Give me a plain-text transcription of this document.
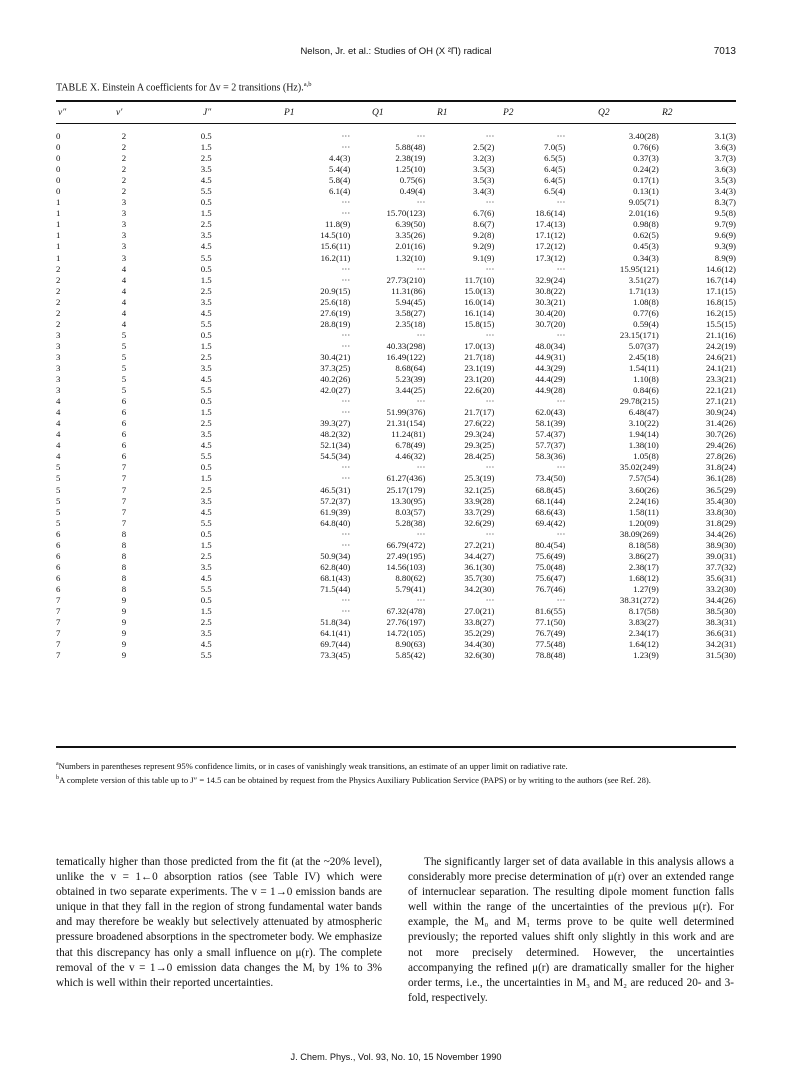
Nelson, Jr. et al.: Studies of OH (X ²Π) radical	7013
TABLE X. Einstein A coefficients for Δv = 2 transitions (Hz).$^{a,b}$
v″	v′	J″	P1	Q1	R1	P2	Q2	R2
0	2	0.5	···	···	···	···	3.40(28)	3.1(3)
0	2	1.5	···	5.88(48)	2.5(2)	7.0(5)	0.76(6)	3.6(3)
0	2	2.5	4.4(3)	2.38(19)	3.2(3)	6.5(5)	0.37(3)	3.7(3)
0	2	3.5	5.4(4)	1.25(10)	3.5(3)	6.4(5)	0.24(2)	3.6(3)
0	2	4.5	5.8(4)	0.75(6)	3.5(3)	6.4(5)	0.17(1)	3.5(3)
0	2	5.5	6.1(4)	0.49(4)	3.4(3)	6.5(4)	0.13(1)	3.4(3)
1	3	0.5	···	···	···	···	9.05(71)	8.3(7)
1	3	1.5	···	15.70(123)	6.7(6)	18.6(14)	2.01(16)	9.5(8)
1	3	2.5	11.8(9)	6.39(50)	8.6(7)	17.4(13)	0.98(8)	9.7(9)
1	3	3.5	14.5(10)	3.35(26)	9.2(8)	17.1(12)	0.62(5)	9.6(9)
1	3	4.5	15.6(11)	2.01(16)	9.2(9)	17.2(12)	0.45(3)	9.3(9)
1	3	5.5	16.2(11)	1.32(10)	9.1(9)	17.3(12)	0.34(3)	8.9(9)
2	4	0.5	···	···	···	···	15.95(121)	14.6(12)
2	4	1.5	···	27.73(210)	11.7(10)	32.9(24)	3.51(27)	16.7(14)
2	4	2.5	20.9(15)	11.31(86)	15.0(13)	30.8(22)	1.71(13)	17.1(15)
2	4	3.5	25.6(18)	5.94(45)	16.0(14)	30.3(21)	1.08(8)	16.8(15)
2	4	4.5	27.6(19)	3.58(27)	16.1(14)	30.4(20)	0.77(6)	16.2(15)
2	4	5.5	28.8(19)	2.35(18)	15.8(15)	30.7(20)	0.59(4)	15.5(15)
3	5	0.5	···	···	···	···	23.15(171)	21.1(16)
3	5	1.5	···	40.33(298)	17.0(13)	48.0(34)	5.07(37)	24.2(19)
3	5	2.5	30.4(21)	16.49(122)	21.7(18)	44.9(31)	2.45(18)	24.6(21)
3	5	3.5	37.3(25)	8.68(64)	23.1(19)	44.3(29)	1.54(11)	24.1(21)
3	5	4.5	40.2(26)	5.23(39)	23.1(20)	44.4(29)	1.10(8)	23.3(21)
3	5	5.5	42.0(27)	3.44(25)	22.6(20)	44.9(28)	0.84(6)	22.1(21)
4	6	0.5	···	···	···	···	29.78(215)	27.1(21)
4	6	1.5	···	51.99(376)	21.7(17)	62.0(43)	6.48(47)	30.9(24)
4	6	2.5	39.3(27)	21.31(154)	27.6(22)	58.1(39)	3.10(22)	31.4(26)
4	6	3.5	48.2(32)	11.24(81)	29.3(24)	57.4(37)	1.94(14)	30.7(26)
4	6	4.5	52.1(34)	6.78(49)	29.3(25)	57.7(37)	1.38(10)	29.4(26)
4	6	5.5	54.5(34)	4.46(32)	28.4(25)	58.3(36)	1.05(8)	27.8(26)
5	7	0.5	···	···	···	···	35.02(249)	31.8(24)
5	7	1.5	···	61.27(436)	25.3(19)	73.4(50)	7.57(54)	36.1(28)
5	7	2.5	46.5(31)	25.17(179)	32.1(25)	68.8(45)	3.60(26)	36.5(29)
5	7	3.5	57.2(37)	13.30(95)	33.9(28)	68.1(44)	2.24(16)	35.4(30)
5	7	4.5	61.9(39)	8.03(57)	33.7(29)	68.6(43)	1.58(11)	33.8(30)
5	7	5.5	64.8(40)	5.28(38)	32.6(29)	69.4(42)	1.20(09)	31.8(29)
6	8	0.5	···	···	···	···	38.09(269)	34.4(26)
6	8	1.5	···	66.79(472)	27.2(21)	80.4(54)	8.18(58)	38.9(30)
6	8	2.5	50.9(34)	27.49(195)	34.4(27)	75.6(49)	3.86(27)	39.0(31)
6	8	3.5	62.8(40)	14.56(103)	36.1(30)	75.0(48)	2.38(17)	37.7(32)
6	8	4.5	68.1(43)	8.80(62)	35.7(30)	75.6(47)	1.68(12)	35.6(31)
6	8	5.5	71.5(44)	5.79(41)	34.2(30)	76.7(46)	1.27(9)	33.2(30)
7	9	0.5	···	···	···	···	38.31(272)	34.4(26)
7	9	1.5	···	67.32(478)	27.0(21)	81.6(55)	8.17(58)	38.5(30)
7	9	2.5	51.8(34)	27.76(197)	33.8(27)	77.1(50)	3.83(27)	38.3(31)
7	9	3.5	64.1(41)	14.72(105)	35.2(29)	76.7(49)	2.34(17)	36.6(31)
7	9	4.5	69.7(44)	8.90(63)	34.4(30)	77.5(48)	1.64(12)	34.2(31)
7	9	5.5	73.3(45)	5.85(42)	32.6(30)	78.8(48)	1.23(9)	31.5(30)

$^a$Numbers in parentheses represent 95% confidence limits, or in cases of vanishingly weak transitions, an estimate of an upper limit on radiative rate.

$^b$A complete version of this table up to J″ = 14.5 can be obtained by request from the Physics Auxiliary Publication Service (PAPS) or by writing to the authors (see Ref. 28).

tematically higher than those predicted from the fit (at the ~20% level), unlike the v = 1←0 absorption ratios (see Table IV) which were obtained in two separate experiments. The v = 1→0 emission bands are unique in that they fall in the region of strong fundamental water bands and may therefore be weakly but selectively attenuated by atmospheric pressure broadened absorptions in the spectrometer body. We emphasize that this discrepancy has only a small influence on μ(r). The complete removal of the v = 1→0 emission data changes the Mᵢ by 1% to 3% which is well within their reported uncertainties.

The significantly larger set of data available in this analysis allows a considerably more precise determination of μ(r) over an extended range of internuclear separation. The resulting dipole moment function falls well within the range of the uncertainties of the previous μ(r). For example, the M₀ and M₁ terms prove to be quite well determined previously; the reported values shift only slightly in this work and are not more precisely determined. However, the uncertainties accompanying the refined μ(r) are dramatically smaller for the higher order terms, i.e., the uncertainties in M₃ and M₂ are reduced 20- and 3-fold, respectively.

J. Chem. Phys., Vol. 93, No. 10, 15 November 1990
